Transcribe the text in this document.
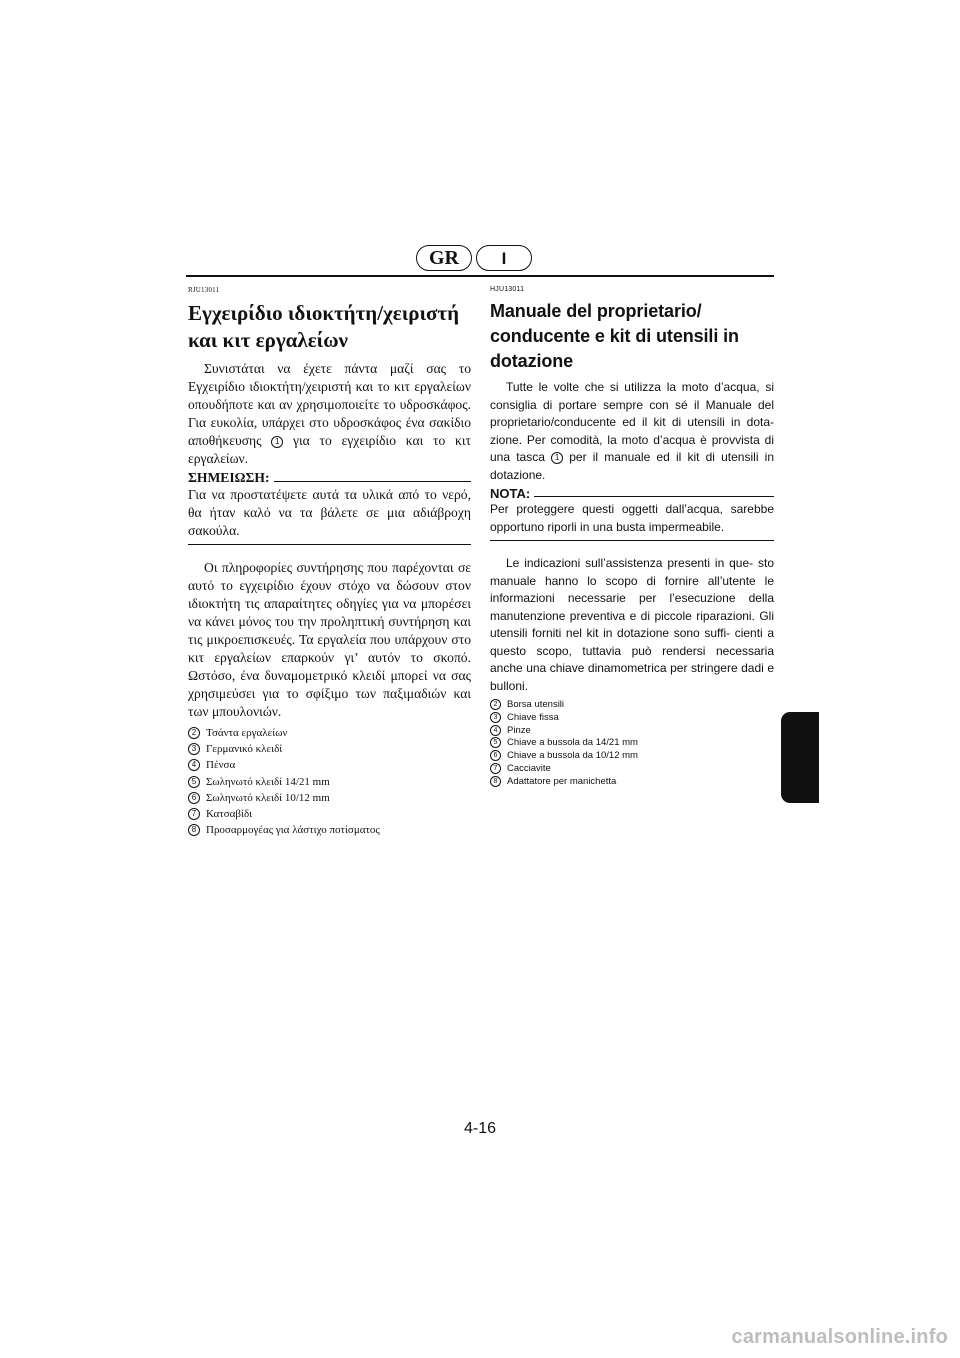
GR	I
RJU13011
Εγχειρίδιο ιδιοκτήτη/χειριστή και κιτ εργαλείων

Συνιστάται να έχετε πάντα μαζί σας το Εγχειρίδιο ιδιοκτήτη/χειριστή και το κιτ εργαλείων οπουδήποτε και αν χρησιμοποιείτε το υδροσκάφος. Για ευκολία, υπάρχει στο υδροσκάφος ένα σακίδιο αποθήκευσης 1 για το εγχειρίδιο και το κιτ εργαλείων.

ΣΗΜΕΙΩΣΗ:

Για να προστατέψετε αυτά τα υλικά από το νερό, θα ήταν καλό να τα βάλετε σε μια αδιάβροχη σακούλα.

Οι πληροφορίες συντήρησης που παρέχονται σε αυτό το εγχειρίδιο έχουν στόχο να δώσουν στον ιδιοκτήτη τις απαραίτητες οδηγίες για να μπορέσει να κάνει μόνος του την προληπτική συντήρηση και τις μικροεπισκευές. Τα εργαλεία που υπάρχουν στο κιτ εργαλείων επαρκούν γι’ αυτόν το σκοπό. Ωστόσο, ένα δυναμομετρικό κλειδί μπορεί να σας χρησιμεύσει για το σφίξιμο των παξιμαδιών και των μπουλονιών.

2 Τσάντα εργαλείων
3 Γερμανικό κλειδί
4 Πένσα
5 Σωληνωτό κλειδί 14/21 mm
6 Σωληνωτό κλειδί 10/12 mm
7 Κατσαβίδι
8 Προσαρμογέας για λάστιχο ποτίσματος
HJU13011
Manuale del proprietario/ conducente e kit di utensili in dotazione

Tutte le volte che si utilizza la moto d’acqua, si consiglia di portare sempre con sé il Manuale del proprietario/conducente ed il kit di utensili in dota- zione. Per comodità, la moto d’acqua è provvista di una tasca 1 per il manuale ed il kit di utensili in dotazione.

NOTA:

Per proteggere questi oggetti dall’acqua, sarebbe opportuno riporli in una busta impermeabile.

Le indicazioni sull’assistenza presenti in que- sto manuale hanno lo scopo di fornire all’utente le informazioni necessarie per l’esecuzione della manutenzione preventiva e di piccole riparazioni. Gli utensili forniti nel kit in dotazione sono suffi- cienti a questo scopo, tuttavia può rendersi necessaria anche una chiave dinamometrica per stringere dadi e bulloni.

2 Borsa utensili
3 Chiave fissa
4 Pinze
5 Chiave a bussola da 14/21 mm
6 Chiave a bussola da 10/12 mm
7 Cacciavite
8 Adattatore per manichetta
4-16
carmanualsonline.info
